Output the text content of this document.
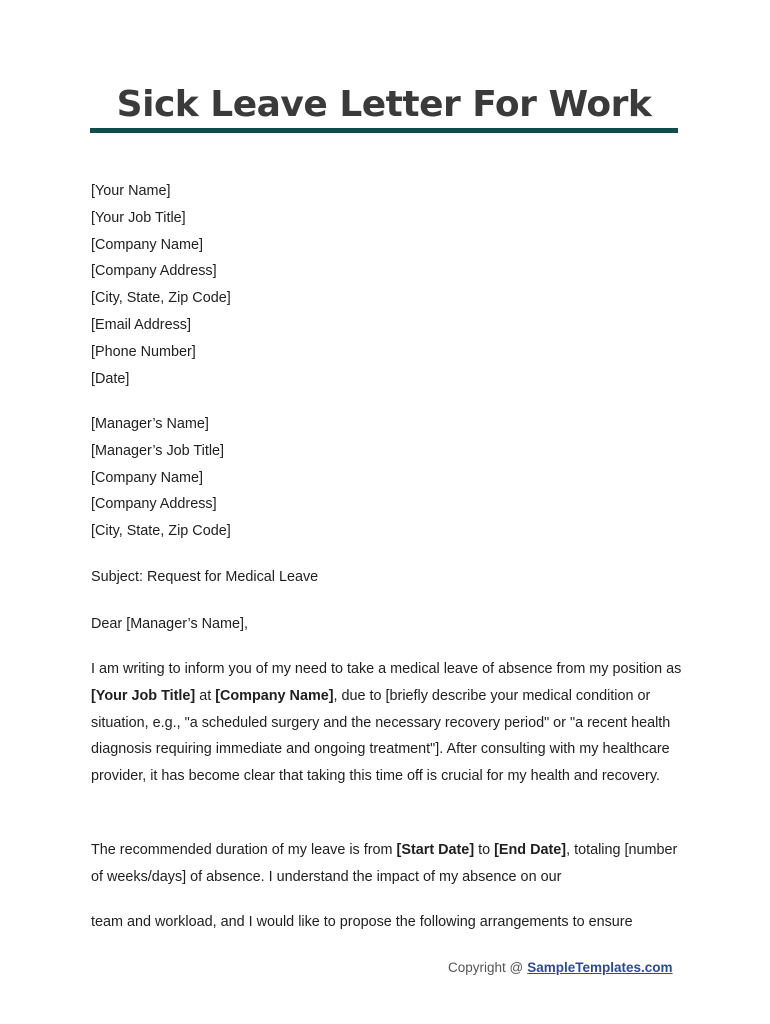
Sick Leave Letter For Work

[Your Name]

[Your Job Title]

[Company Name]

[Company Address]

[City, State, Zip Code]

[Email Address]

[Phone Number]

[Date]

[Manager’s Name]

[Manager’s Job Title]

[Company Name]

[Company Address]

[City, State, Zip Code]

Subject: Request for Medical Leave
Dear [Manager’s Name],
I am writing to inform you of my need to take a medical leave of absence from my position as [Your Job Title] at [Company Name], due to [briefly describe your medical condition or situation, e.g., "a scheduled surgery and the necessary recovery period" or "a recent health diagnosis requiring immediate and ongoing treatment"]. After consulting with my healthcare provider, it has become clear that taking this time off is crucial for my health and recovery.
The recommended duration of my leave is from [Start Date] to [End Date], totaling [number of weeks/days] of absence. I understand the impact of my absence on our
team and workload, and I would like to propose the following arrangements to ensure
Copyright @ SampleTemplates.com
